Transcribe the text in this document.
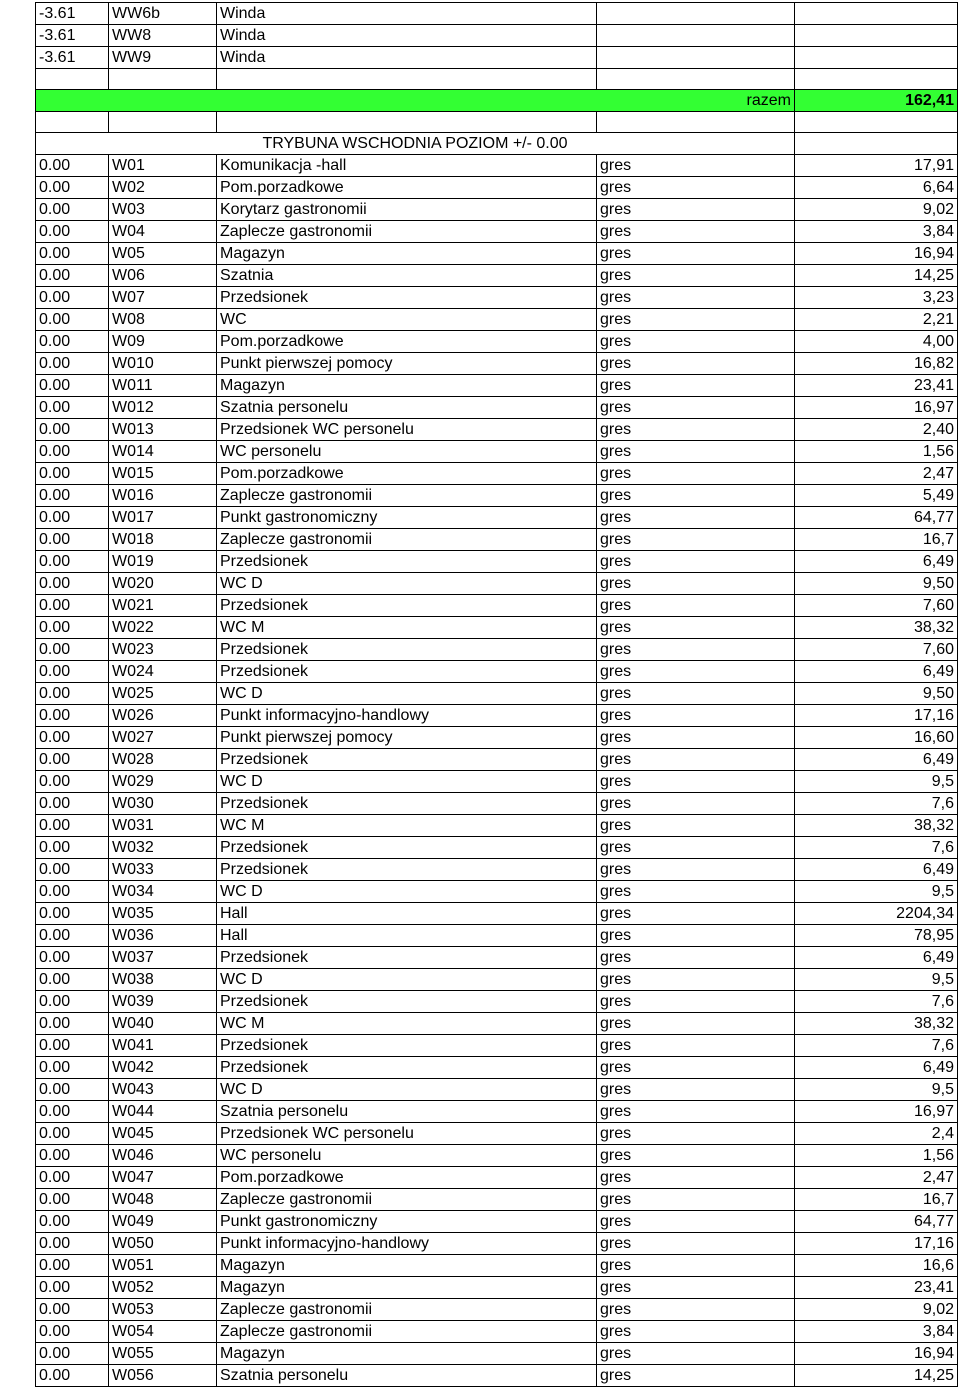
-3.61	WW6b	Winda		
-3.61	WW8	Winda		
-3.61	WW9	Winda		

razem				162,41

TRYBUNA WSCHODNIA POZIOM +/- 0.00				
0.00	W01	Komunikacja -hall	gres	17,91
0.00	W02	Pom.porzadkowe	gres	6,64
0.00	W03	Korytarz gastronomii	gres	9,02
0.00	W04	Zaplecze gastronomii	gres	3,84
0.00	W05	Magazyn	gres	16,94
0.00	W06	Szatnia	gres	14,25
0.00	W07	Przedsionek	gres	3,23
0.00	W08	WC	gres	2,21
0.00	W09	Pom.porzadkowe	gres	4,00
0.00	W010	Punkt pierwszej pomocy	gres	16,82
0.00	W011	Magazyn	gres	23,41
0.00	W012	Szatnia personelu	gres	16,97
0.00	W013	Przedsionek WC personelu	gres	2,40
0.00	W014	WC personelu	gres	1,56
0.00	W015	Pom.porzadkowe	gres	2,47
0.00	W016	Zaplecze gastronomii	gres	5,49
0.00	W017	Punkt gastronomiczny	gres	64,77
0.00	W018	Zaplecze gastronomii	gres	16,7
0.00	W019	Przedsionek	gres	6,49
0.00	W020	WC D	gres	9,50
0.00	W021	Przedsionek	gres	7,60
0.00	W022	WC M	gres	38,32
0.00	W023	Przedsionek	gres	7,60
0.00	W024	Przedsionek	gres	6,49
0.00	W025	WC D	gres	9,50
0.00	W026	Punkt informacyjno-handlowy	gres	17,16
0.00	W027	Punkt pierwszej pomocy	gres	16,60
0.00	W028	Przedsionek	gres	6,49
0.00	W029	WC D	gres	9,5
0.00	W030	Przedsionek	gres	7,6
0.00	W031	WC M	gres	38,32
0.00	W032	Przedsionek	gres	7,6
0.00	W033	Przedsionek	gres	6,49
0.00	W034	WC D	gres	9,5
0.00	W035	Hall	gres	2204,34
0.00	W036	Hall	gres	78,95
0.00	W037	Przedsionek	gres	6,49
0.00	W038	WC D	gres	9,5
0.00	W039	Przedsionek	gres	7,6
0.00	W040	WC M	gres	38,32
0.00	W041	Przedsionek	gres	7,6
0.00	W042	Przedsionek	gres	6,49
0.00	W043	WC D	gres	9,5
0.00	W044	Szatnia personelu	gres	16,97
0.00	W045	Przedsionek WC personelu	gres	2,4
0.00	W046	WC personelu	gres	1,56
0.00	W047	Pom.porzadkowe	gres	2,47
0.00	W048	Zaplecze gastronomii	gres	16,7
0.00	W049	Punkt gastronomiczny	gres	64,77
0.00	W050	Punkt informacyjno-handlowy	gres	17,16
0.00	W051	Magazyn	gres	16,6
0.00	W052	Magazyn	gres	23,41
0.00	W053	Zaplecze gastronomii	gres	9,02
0.00	W054	Zaplecze gastronomii	gres	3,84
0.00	W055	Magazyn	gres	16,94
0.00	W056	Szatnia personelu	gres	14,25
